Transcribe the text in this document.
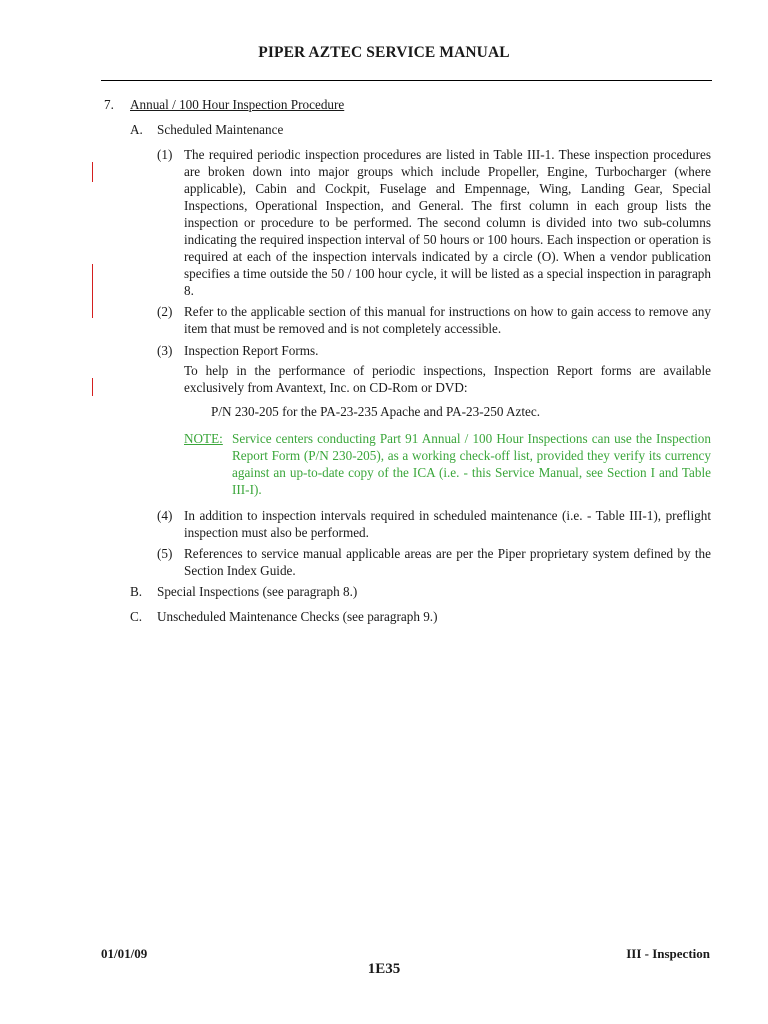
PIPER AZTEC SERVICE MANUAL
7. Annual / 100 Hour Inspection Procedure
A. Scheduled Maintenance
(1) The required periodic inspection procedures are listed in Table III-1. These inspection procedures are broken down into major groups which include Propeller, Engine, Turbocharger (where applicable), Cabin and Cockpit, Fuselage and Empennage, Wing, Landing Gear, Special Inspections, Operational Inspection, and General. The first column in each group lists the inspection or procedure to be performed. The second column is divided into two sub-columns indicating the required inspection interval of 50 hours or 100 hours. Each inspection or operation is required at each of the inspection intervals indicated by a circle (O). When a vendor publication specifies a time outside the 50 / 100 hour cycle, it will be listed as a special inspection in paragraph 8.
(2) Refer to the applicable section of this manual for instructions on how to gain access to remove any item that must be removed and is not completely accessible.
(3) Inspection Report Forms.
To help in the performance of periodic inspections, Inspection Report forms are available exclusively from Avantext, Inc. on CD-Rom or DVD:
P/N 230-205 for the PA-23-235 Apache and PA-23-250 Aztec.
NOTE: Service centers conducting Part 91 Annual / 100 Hour Inspections can use the Inspection Report Form (P/N 230-205), as a working check-off list, provided they verify its currency against an up-to-date copy of the ICA (i.e. - this Service Manual, see Section I and Table III-I).
(4) In addition to inspection intervals required in scheduled maintenance (i.e. - Table III-1), preflight inspection must also be performed.
(5) References to service manual applicable areas are per the Piper proprietary system defined by the Section Index Guide.
B. Special Inspections (see paragraph 8.)
C. Unscheduled Maintenance Checks (see paragraph 9.)
01/01/09	III - Inspection
1E35
